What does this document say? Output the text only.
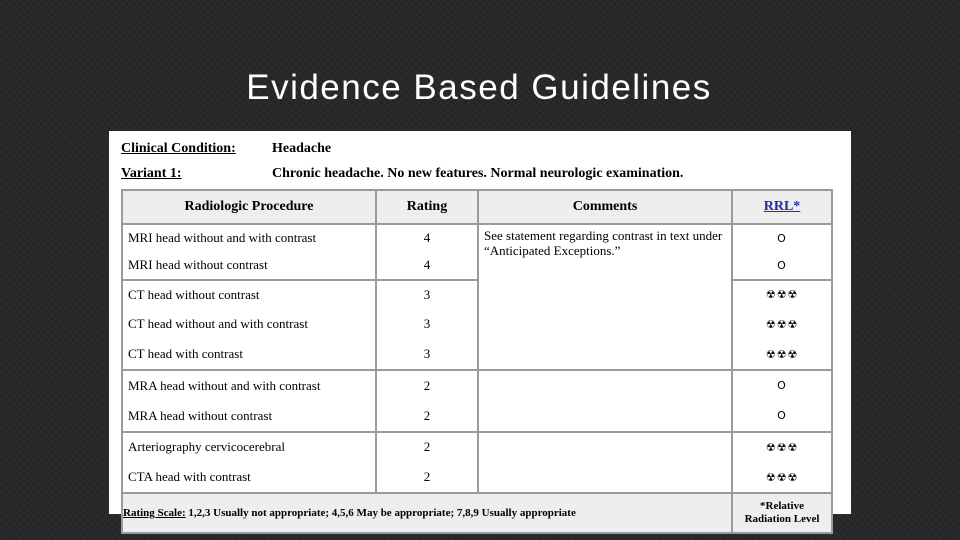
Evidence Based Guidelines
Clinical Condition:	Headache
Variant 1:	Chronic headache. No new features. Normal neurologic examination.
Radiologic Procedure	Rating	Comments	RRL*
MRI head without and with contrast	4	See statement regarding contrast in text under “Anticipated Exceptions.”	O
MRI head without contrast	4		O
CT head without contrast	3		☢☢☢
CT head without and with contrast	3		☢☢☢
CT head with contrast	3		☢☢☢
MRA head without and with contrast	2		O
MRA head without contrast	2		O
Arteriography cervicocerebral	2		☢☢☢
CTA head with contrast	2		☢☢☢
Rating Scale: 1,2,3 Usually not appropriate; 4,5,6 May be appropriate; 7,8,9 Usually appropriate			*Relative
Radiation Level
